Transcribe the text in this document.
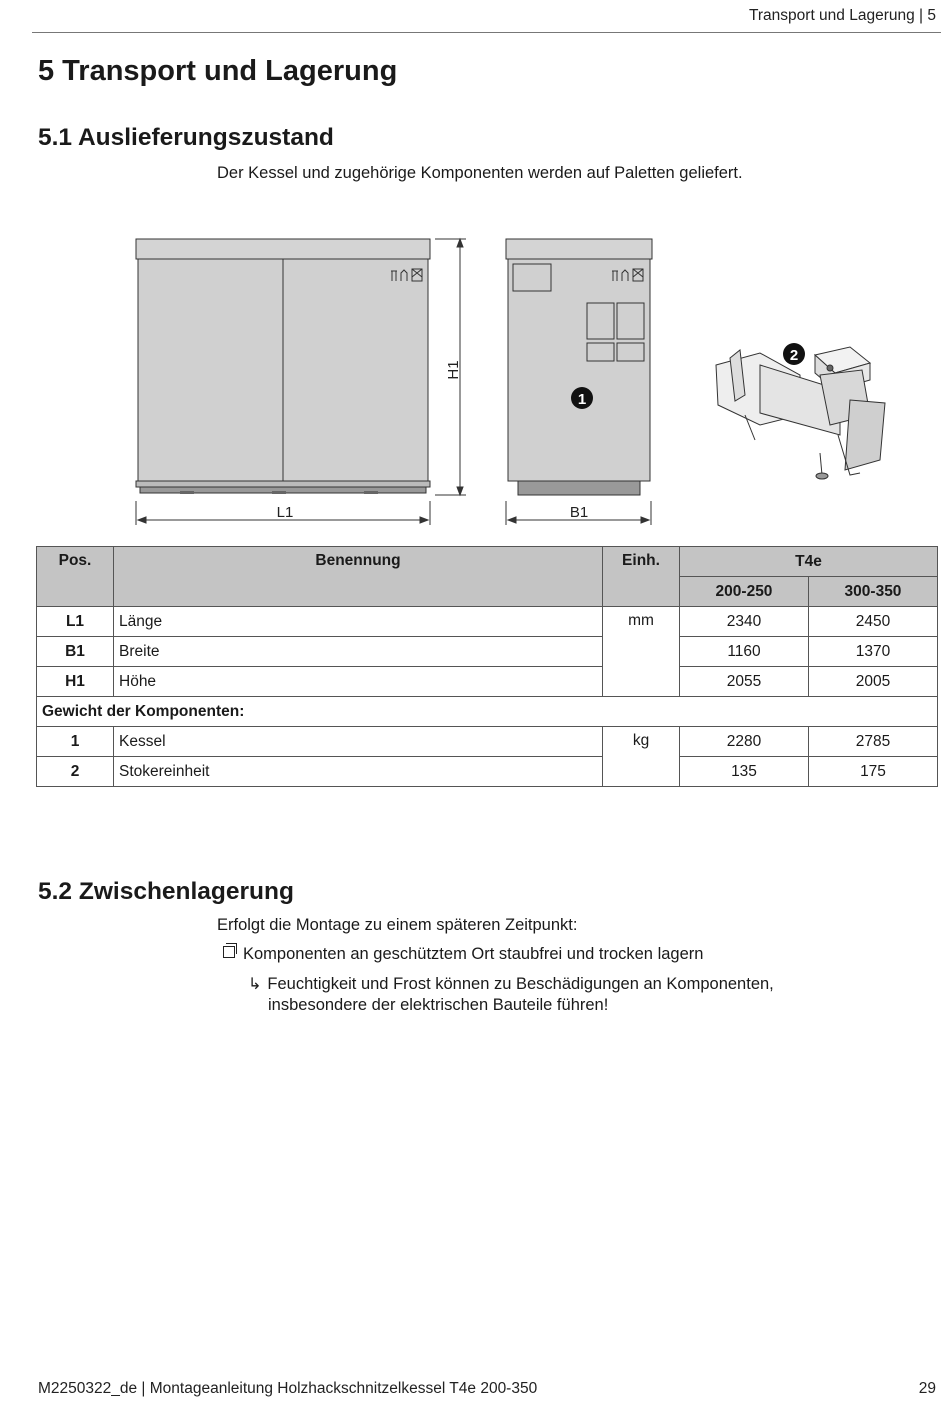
Transport und Lagerung | 5
5 Transport und Lagerung
5.1 Auslieferungszustand
Der Kessel und zugehörige Komponenten werden auf Paletten geliefert.
H1
L1
1
B1
2
Pos.	Benennung	Einh.	T4e	
			200-250	300-350
L1	Länge	mm	2340	2450
B1	Breite		1160	1370
H1	Höhe		2055	2005
Gewicht der Komponenten:				
1	Kessel	kg	2280	2785
2	Stokereinheit		135	175
5.2 Zwischenlagerung
Erfolgt die Montage zu einem späteren Zeitpunkt:
Komponenten an geschütztem Ort staubfrei und trocken lagern
↳ Feuchtigkeit und Frost können zu Beschädigungen an Komponenten,
insbesondere der elektrischen Bauteile führen!
M2250322_de | Montageanleitung Holzhackschnitzelkessel T4e 200-350	29
